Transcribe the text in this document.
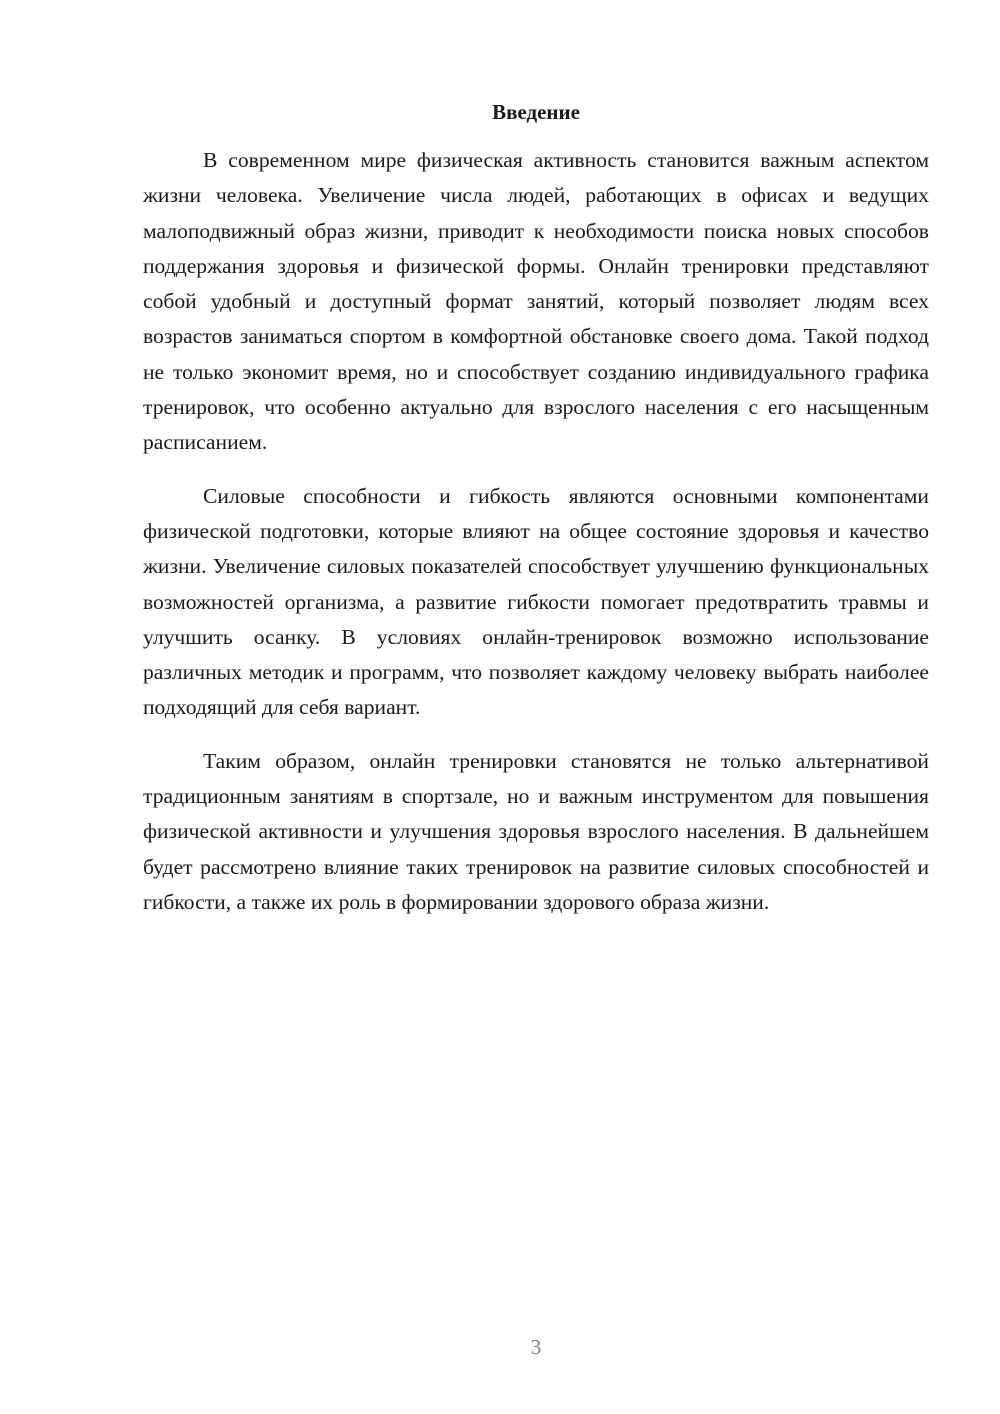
Введение

В современном мире физическая активность становится важным аспектом жизни человека. Увеличение числа людей, работающих в офисах и ведущих малоподвижный образ жизни, приводит к необходимости поиска новых способов поддержания здоровья и физической формы. Онлайн тренировки представляют собой удобный и доступный формат занятий, который позволяет людям всех возрастов заниматься спортом в комфортной обстановке своего дома. Такой подход не только экономит время, но и способствует созданию индивидуального графика тренировок, что особенно актуально для взрослого населения с его насыщенным расписанием.

Силовые способности и гибкость являются основными компонентами физической подготовки, которые влияют на общее состояние здоровья и качество жизни. Увеличение силовых показателей способствует улучшению функциональных возможностей организма, а развитие гибкости помогает предотвратить травмы и улучшить осанку. В условиях онлайн-тренировок возможно использование различных методик и программ, что позволяет каждому человеку выбрать наиболее подходящий для себя вариант.

Таким образом, онлайн тренировки становятся не только альтернативой традиционным занятиям в спортзале, но и важным инструментом для повышения физической активности и улучшения здоровья взрослого населения. В дальнейшем будет рассмотрено влияние таких тренировок на развитие силовых способностей и гибкости, а также их роль в формировании здорового образа жизни.

3
